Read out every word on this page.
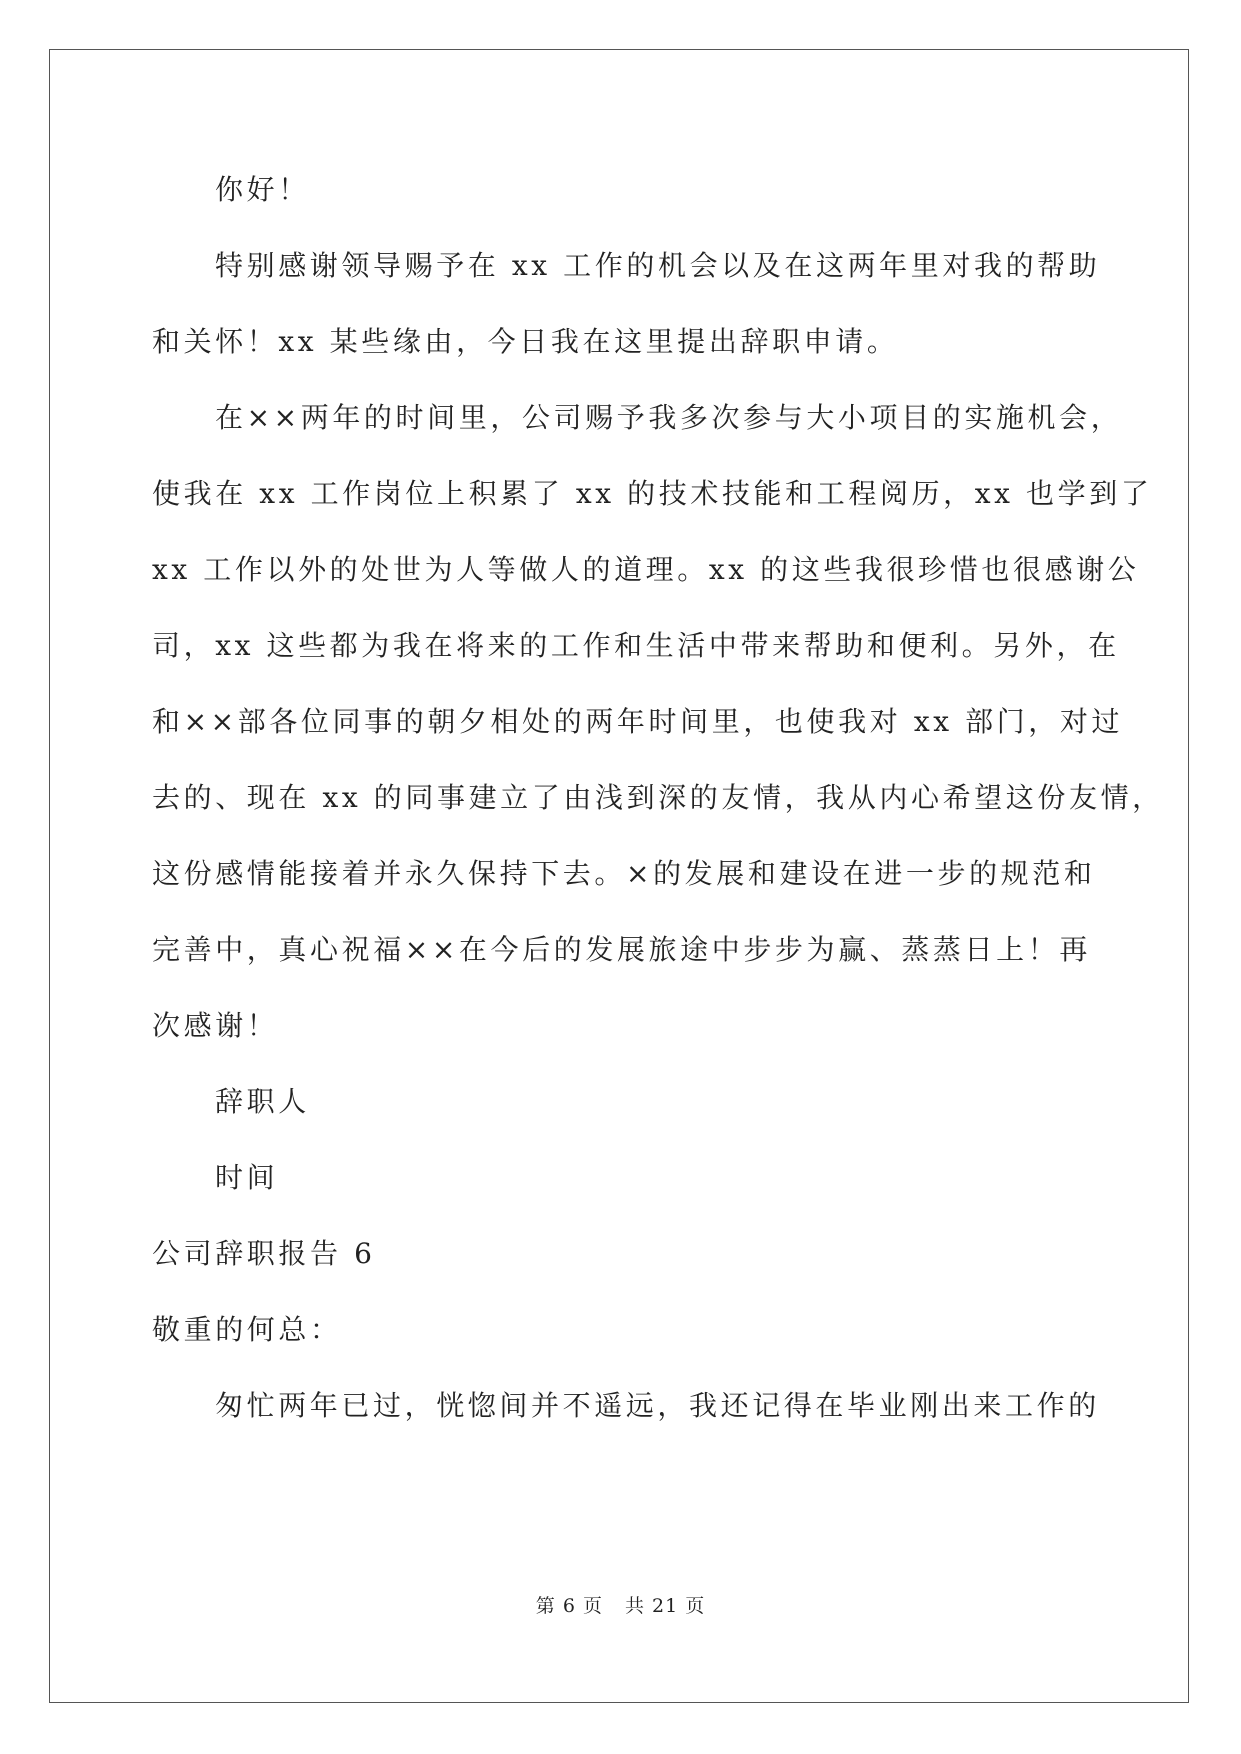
你好！
特别感谢领导赐予在 xx 工作的机会以及在这两年里对我的帮助
和关怀！xx 某些缘由，今日我在这里提出辞职申请。
在××两年的时间里，公司赐予我多次参与大小项目的实施机会，
使我在 xx 工作岗位上积累了 xx 的技术技能和工程阅历，xx 也学到了
xx 工作以外的处世为人等做人的道理。xx 的这些我很珍惜也很感谢公
司，xx 这些都为我在将来的工作和生活中带来帮助和便利。另外，在
和××部各位同事的朝夕相处的两年时间里，也使我对 xx 部门，对过
去的、现在 xx 的同事建立了由浅到深的友情，我从内心希望这份友情，
这份感情能接着并永久保持下去。×的发展和建设在进一步的规范和
完善中，真心祝福××在今后的发展旅途中步步为赢、蒸蒸日上！再
次感谢！
辞职人
时间
公司辞职报告 6
敬重的何总：
匆忙两年已过，恍惚间并不遥远，我还记得在毕业刚出来工作的
第 6 页 共 21 页
